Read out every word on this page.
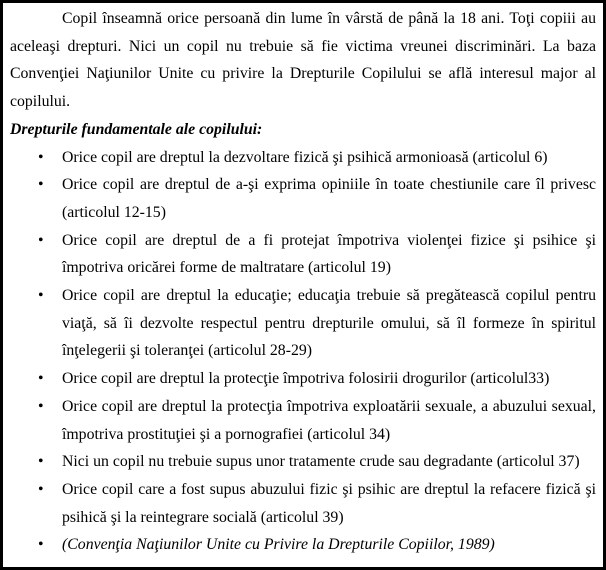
Copil înseamnă orice persoană din lume în vârstă de până la 18 ani. Toţi copiii au aceleaşi drepturi. Nici un copil nu trebuie să fie victima vreunei discriminări. La baza Convenţiei Naţiunilor Unite cu privire la Drepturile Copilului se află interesul major al copilului.

Drepturile fundamentale ale copilului:

• Orice copil are dreptul la dezvoltare fizică şi psihică armonioasă (articolul 6)
• Orice copil are dreptul de a-şi exprima opiniile în toate chestiunile care îl privesc (articolul 12-15)
• Orice copil are dreptul de a fi protejat împotriva violenţei fizice şi psihice şi împotriva oricărei forme de maltratare (articolul 19)
• Orice copil are dreptul la educaţie; educaţia trebuie să pregătească copilul pentru viaţă, să îi dezvolte respectul pentru drepturile omului, să îl formeze în spiritul înţelegerii şi toleranţei (articolul 28-29)
• Orice copil are dreptul la protecţie împotriva folosirii drogurilor (articolul33)
• Orice copil are dreptul la protecţia împotriva exploatării sexuale, a abuzului sexual, împotriva prostituţiei şi a pornografiei (articolul 34)
• Nici un copil nu trebuie supus unor tratamente crude sau degradante (articolul 37)
• Orice copil care a fost supus abuzului fizic şi psihic are dreptul la refacere fizică şi psihică şi la reintegrare socială (articolul 39)
• (Convenţia Naţiunilor Unite cu Privire la Drepturile Copiilor, 1989)
